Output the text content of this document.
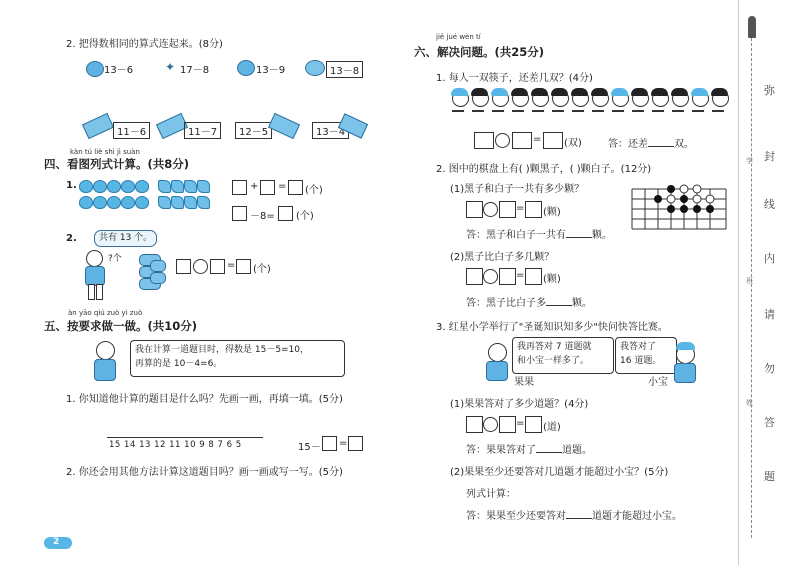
2. 把得数相同的算式连起来。(8分)
13－6	✦ 17－8	13－9	13－8
11－6	11－7	12－5	13－4
kàn tú liè shì jì suàn
四、看图列式计算。(共8分)
1.	+ = (个)
－8= (个)
2.	共有 13 个。
?个
= (个)
àn yāo qiú zuò yi zuò
五、按要求做一做。(共10分)
我在计算一道题目时，得数是 15－5=10，
再算的是 10－4=6。
1. 你知道他计算的题目是什么吗？先画一画，再填一填。(5分)
15 14 13 12 11 10 9 8 7 6 5	15－ =
2. 你还会用其他方法计算这道题目吗？画一画或写一写。(5分)
2
jiě jué wèn tí
六、解决问题。(共25分)
1. 每人一双筷子，还差几双？(4分)
= (双)	答：还差	双。
2. 图中的棋盘上有( )颗黑子，( )颗白子。(12分)
(1)黑子和白子一共有多少颗？
= (颗)
答：黑子和白子一共有	颗。
(2)黑子比白子多几颗？
= (颗)
答：黑子比白子多	颗。
3. 红星小学举行了"圣诞知识知多少"快问快答比赛。
我再答对 7 道题就
和小宝一样多了。
果果
我答对了
16 道题。
小宝
(1)果果答对了多少道题？(4分)
= (道)
答：果果答对了	道题。
(2)果果至少还要答对几道题才能超过小宝？(5分)
列式计算：
答：果果至少还要答对	道题才能超过小宝。
弥
封
线
内
请
勿
答
题
学
班
姓
